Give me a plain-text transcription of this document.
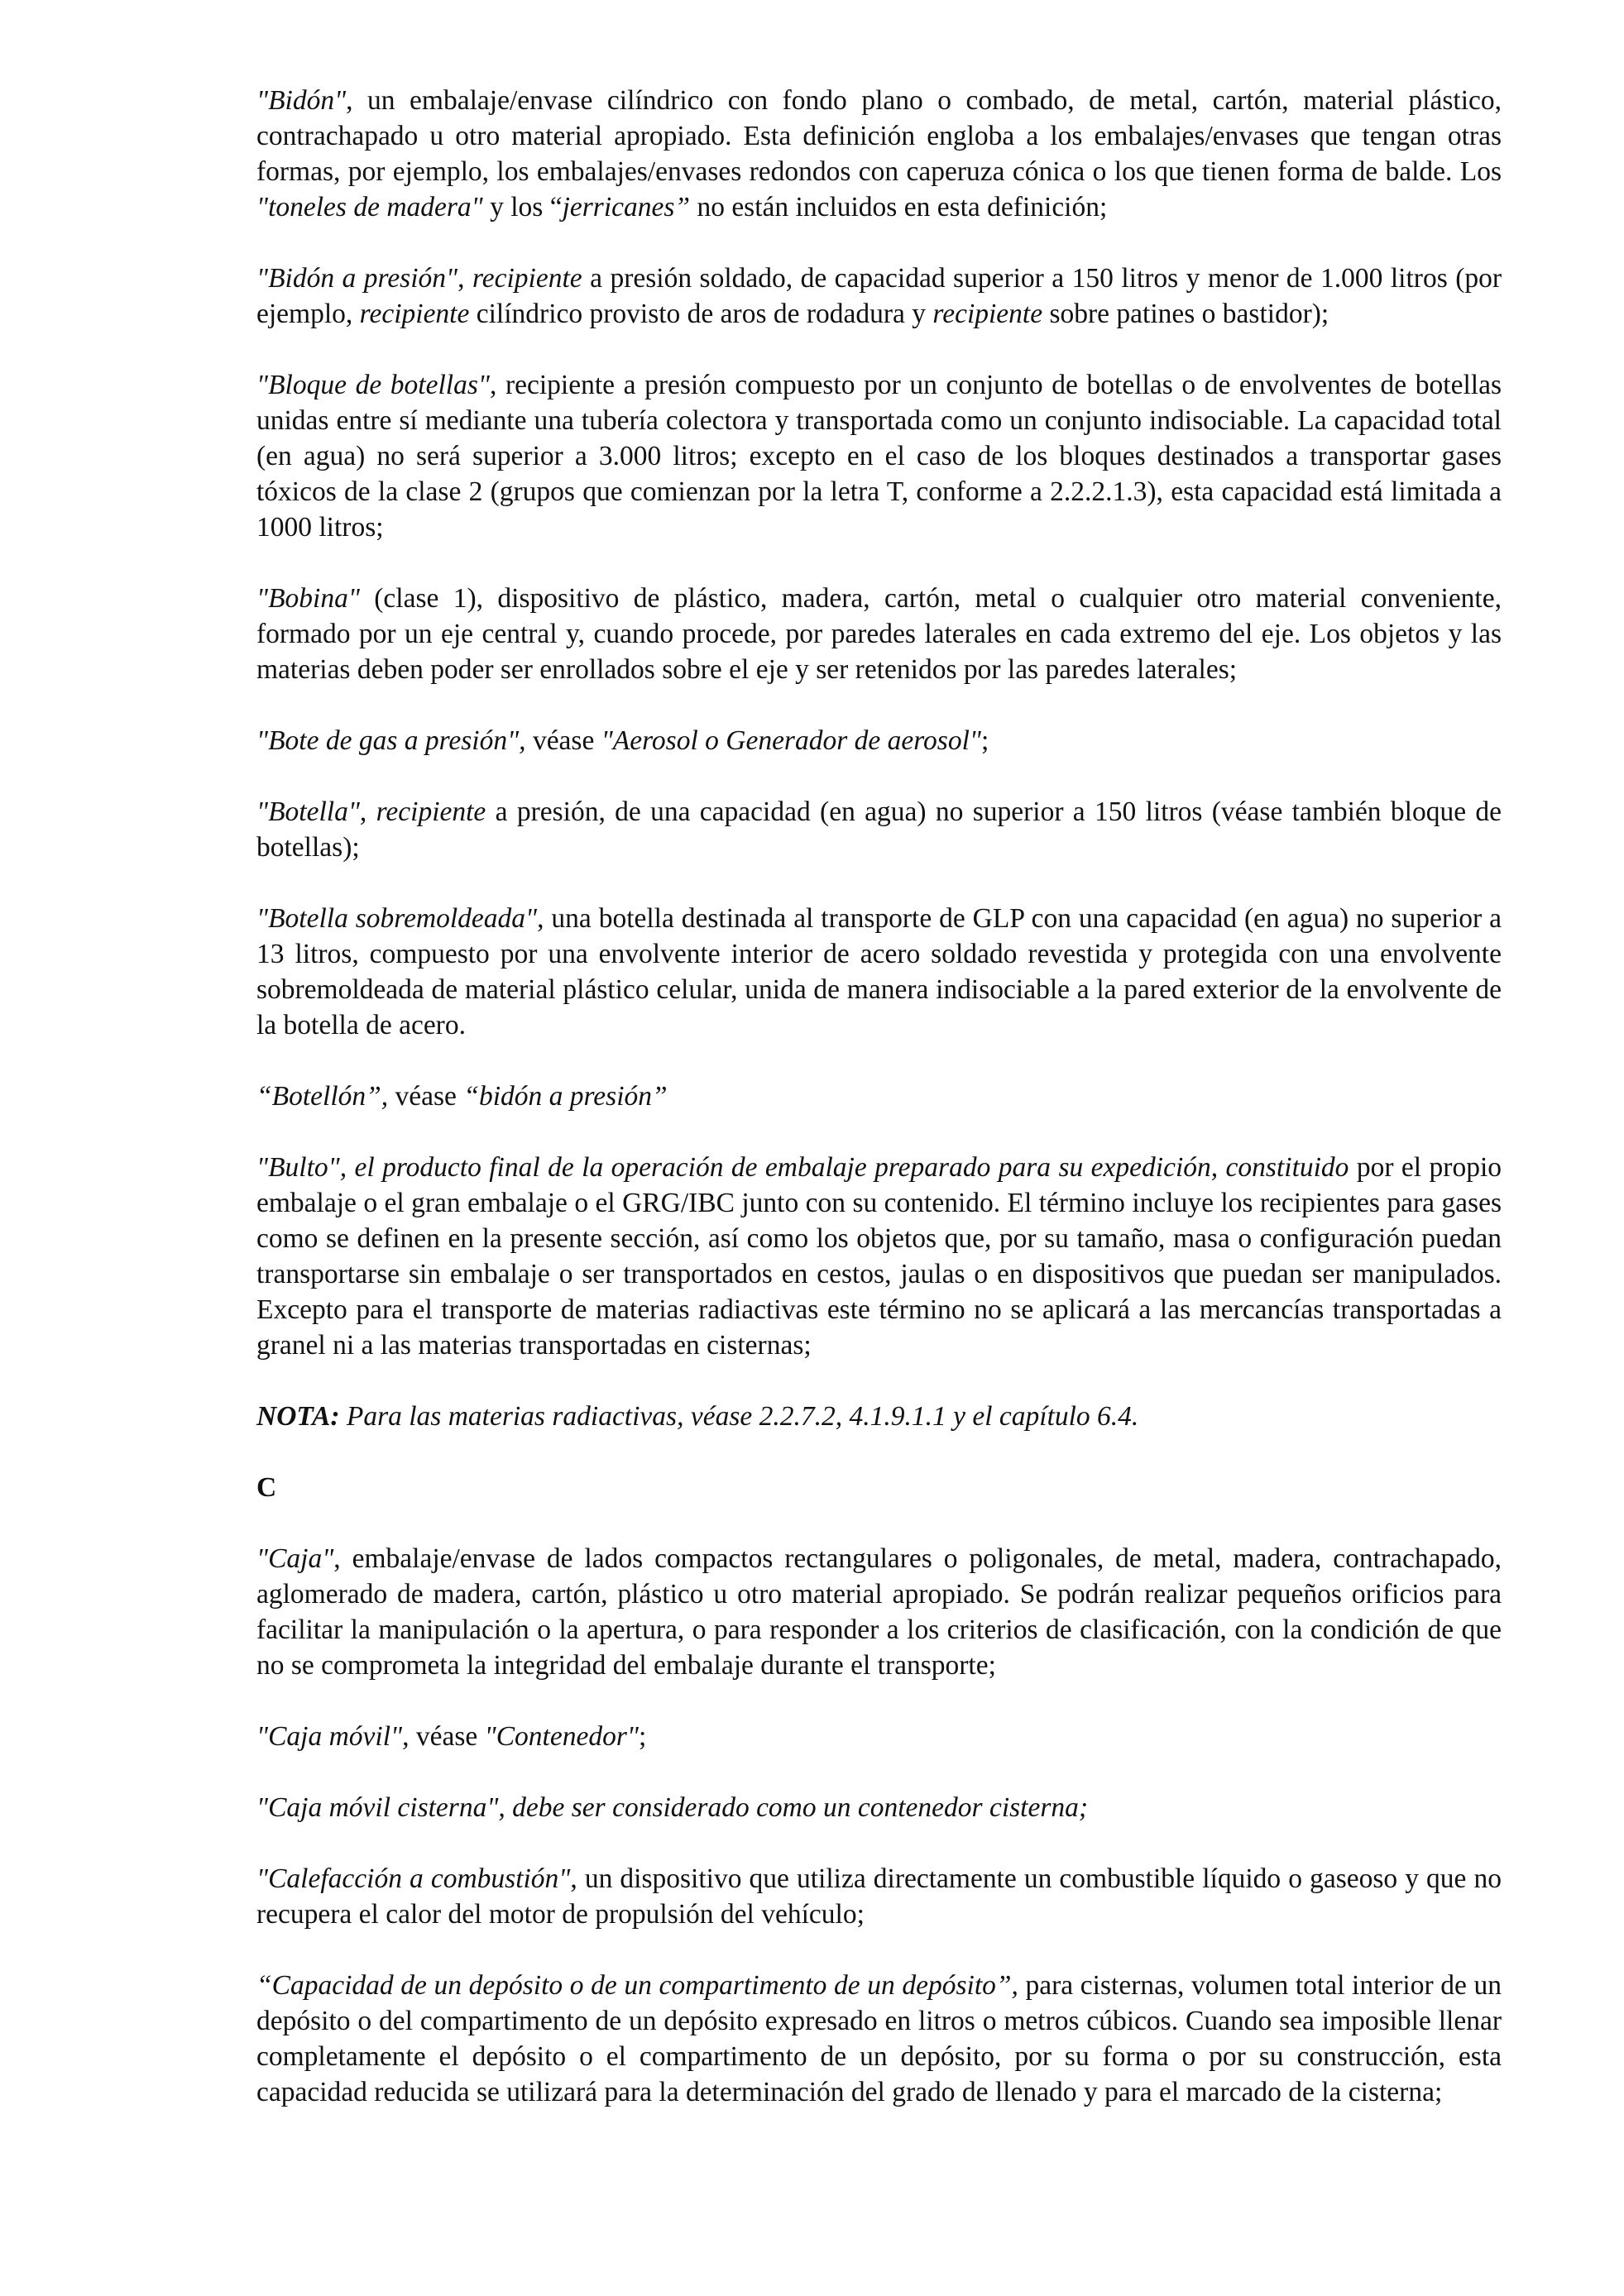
"Bidón", un embalaje/envase cilíndrico con fondo plano o combado, de metal, cartón, material plástico, contrachapado u otro material apropiado. Esta definición engloba a los embalajes/envases que tengan otras formas, por ejemplo, los embalajes/envases redondos con caperuza cónica o los que tienen forma de balde. Los "toneles de madera" y los “jerricanes” no están incluidos en esta definición;

"Bidón a presión", recipiente a presión soldado, de capacidad superior a 150 litros y menor de 1.000 litros (por ejemplo, recipiente cilíndrico provisto de aros de rodadura y recipiente sobre patines o bastidor);

"Bloque de botellas", recipiente a presión compuesto por un conjunto de botellas o de envolventes de botellas unidas entre sí mediante una tubería colectora y transportada como un conjunto indisociable. La capacidad total (en agua) no será superior a 3.000 litros; excepto en el caso de los bloques destinados a transportar gases tóxicos de la clase 2 (grupos que comienzan por la letra T, conforme a 2.2.2.1.3), esta capacidad está limitada a 1000 litros;

"Bobina" (clase 1), dispositivo de plástico, madera, cartón, metal o cualquier otro material conveniente, formado por un eje central y, cuando procede, por paredes laterales en cada extremo del eje. Los objetos y las materias deben poder ser enrollados sobre el eje y ser retenidos por las paredes laterales;

"Bote de gas a presión", véase "Aerosol o Generador de aerosol";

"Botella", recipiente a presión, de una capacidad (en agua) no superior a 150 litros (véase también bloque de botellas);

"Botella sobremoldeada", una botella destinada al transporte de GLP con una capacidad (en agua) no superior a 13 litros, compuesto por una envolvente interior de acero soldado revestida y protegida con una envolvente sobremoldeada de material plástico celular, unida de manera indisociable a la pared exterior de la envolvente de la botella de acero.

“Botellón”, véase “bidón a presión”

"Bulto", el producto final de la operación de embalaje preparado para su expedición, constituido por el propio embalaje o el gran embalaje o el GRG/IBC junto con su contenido. El término incluye los recipientes para gases como se definen en la presente sección, así como los objetos que, por su tamaño, masa o configuración puedan transportarse sin embalaje o ser transportados en cestos, jaulas o en dispositivos que puedan ser manipulados. Excepto para el transporte de materias radiactivas este término no se aplicará a las mercancías transportadas a granel ni a las materias transportadas en cisternas;

NOTA: Para las materias radiactivas, véase 2.2.7.2, 4.1.9.1.1 y el capítulo 6.4.

C

"Caja", embalaje/envase de lados compactos rectangulares o poligonales, de metal, madera, contrachapado, aglomerado de madera, cartón, plástico u otro material apropiado. Se podrán realizar pequeños orificios para facilitar la manipulación o la apertura, o para responder a los criterios de clasificación, con la condición de que no se comprometa la integridad del embalaje durante el transporte;

"Caja móvil", véase "Contenedor";

"Caja móvil cisterna", debe ser considerado como un contenedor cisterna;

"Calefacción a combustión", un dispositivo que utiliza directamente un combustible líquido o gaseoso y que no recupera el calor del motor de propulsión del vehículo;

“Capacidad de un depósito o de un compartimento de un depósito”, para cisternas, volumen total interior de un depósito o del compartimento de un depósito expresado en litros o metros cúbicos. Cuando sea imposible llenar completamente el depósito o el compartimento de un depósito, por su forma o por su construcción, esta capacidad reducida se utilizará para la determinación del grado de llenado y para el marcado de la cisterna;
